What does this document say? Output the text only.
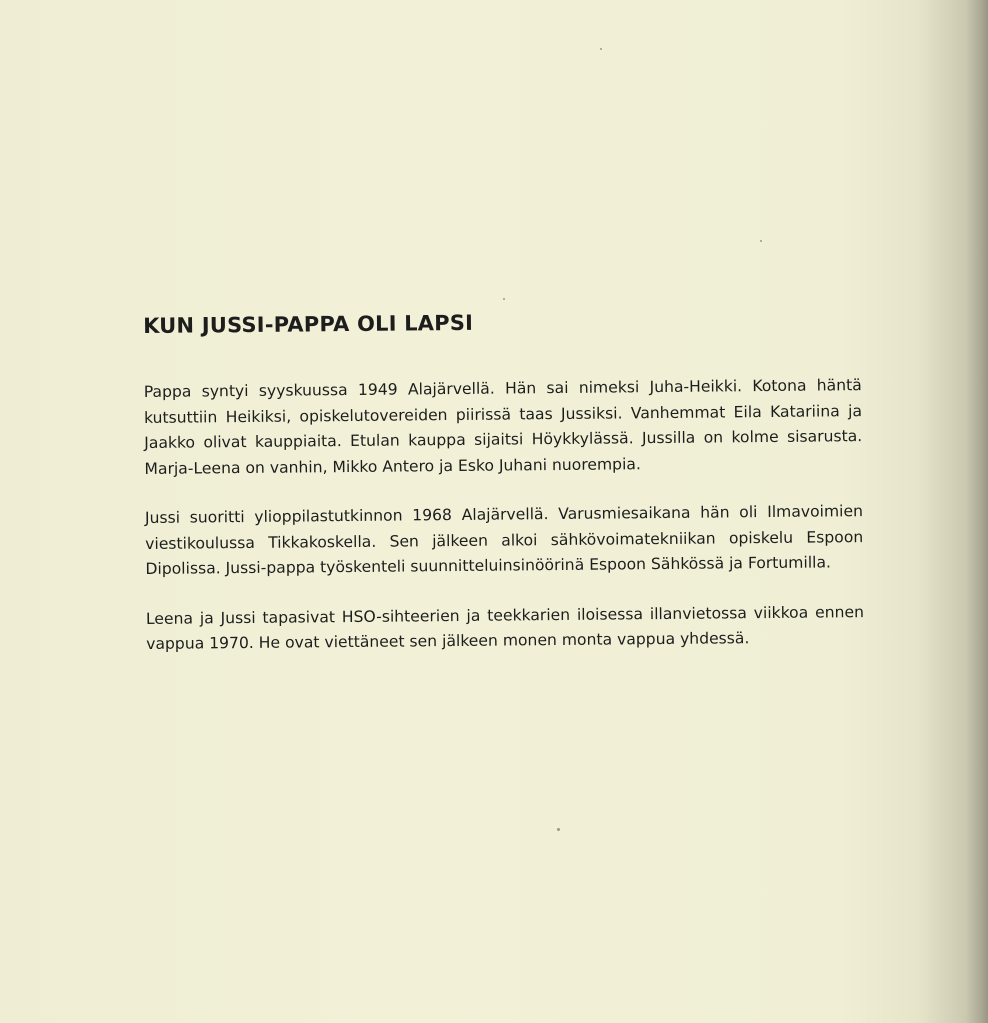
KUN JUSSI-PAPPA OLI LAPSI

Pappa syntyi syyskuussa 1949 Alajärvellä. Hän sai nimeksi Juha-Heikki. Kotona häntä kutsuttiin Heikiksi, opiskelutovereiden piirissä taas Jussiksi. Vanhemmat Eila Katariina ja Jaakko olivat kauppiaita. Etulan kauppa sijaitsi Höykkylässä. Jussilla on kolme sisarusta. Marja-Leena on vanhin, Mikko Antero ja Esko Juhani nuorempia.

Jussi suoritti ylioppilastutkinnon 1968 Alajärvellä. Varusmiesaikana hän oli Ilmavoimien viestikoulussa Tikkakoskella. Sen jälkeen alkoi sähkövoimatekniikan opiskelu Espoon Dipolissa. Jussi-pappa työskenteli suunnitteluinsinöörinä Espoon Sähkössä ja Fortumilla.

Leena ja Jussi tapasivat HSO-sihteerien ja teekkarien iloisessa illanvietossa viikkoa ennen vappua 1970. He ovat viettäneet sen jälkeen monen monta vappua yhdessä.
